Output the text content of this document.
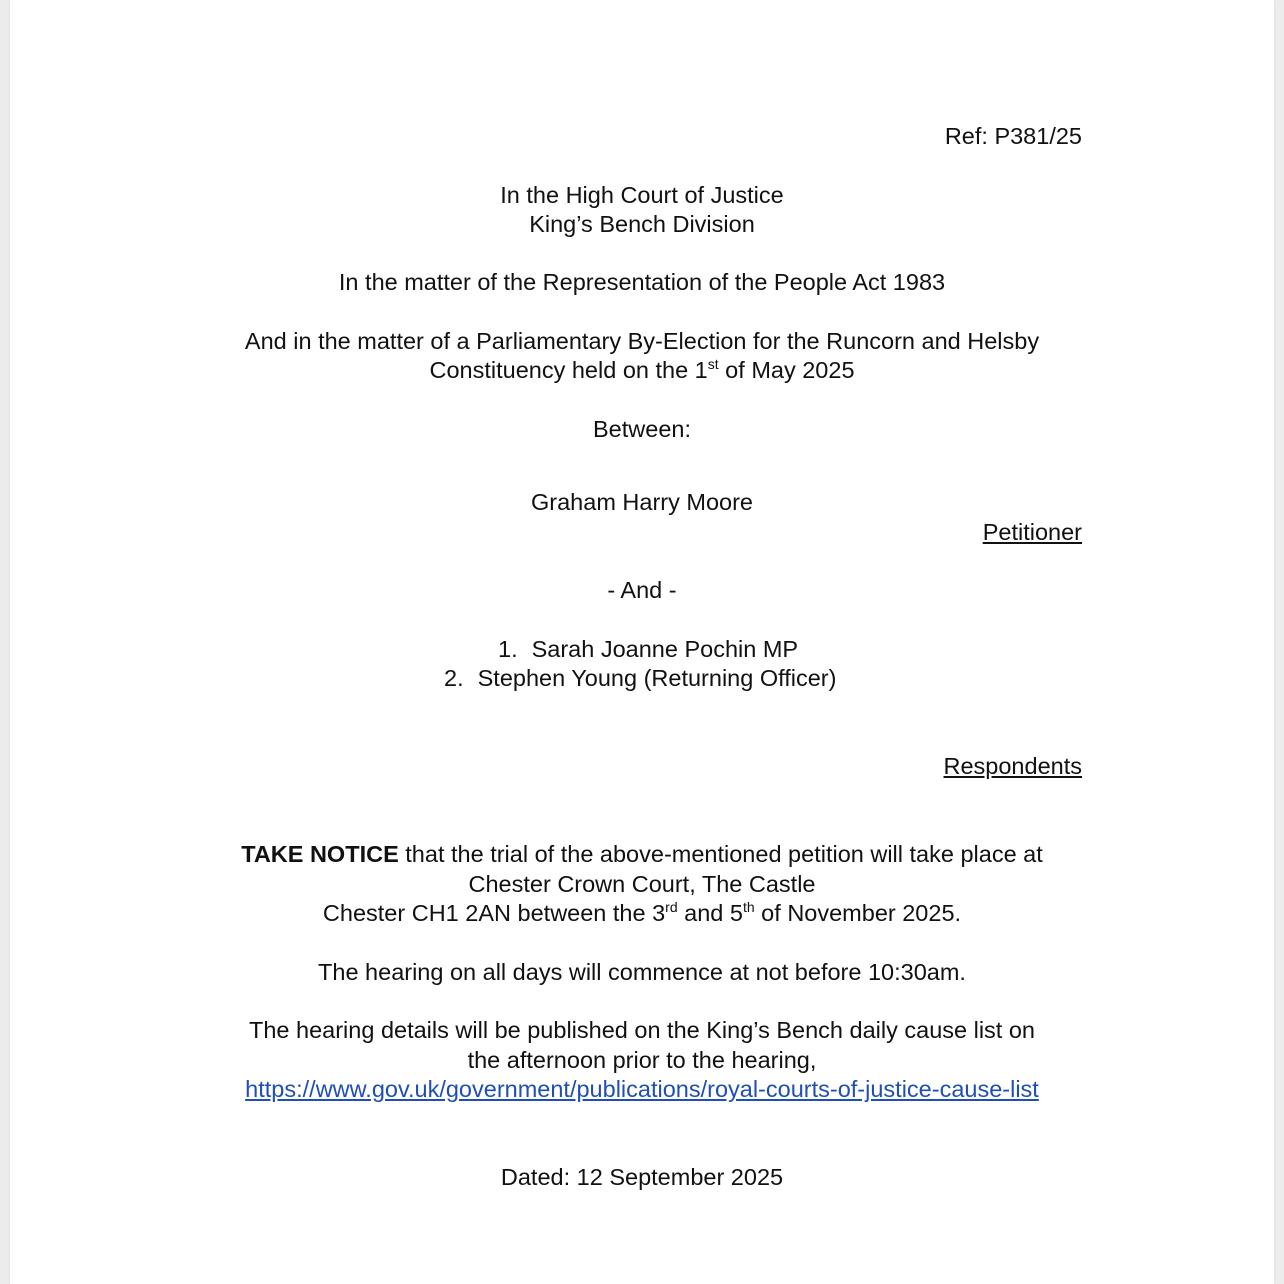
Ref: P381/25
In the High Court of Justice
King’s Bench Division
In the matter of the Representation of the People Act 1983
And in the matter of a Parliamentary By-Election for the Runcorn and Helsby
Constituency held on the 1st of May 2025
Between:
Graham Harry Moore
Petitioner
- And -
1. Sarah Joanne Pochin MP
2. Stephen Young (Returning Officer)
Respondents
TAKE NOTICE that the trial of the above-mentioned petition will take place at
Chester Crown Court, The Castle
Chester CH1 2AN between the 3rd and 5th of November 2025.
The hearing on all days will commence at not before 10:30am.
The hearing details will be published on the King’s Bench daily cause list on
the afternoon prior to the hearing,
https://www.gov.uk/government/publications/royal-courts-of-justice-cause-list
Dated: 12 September 2025
